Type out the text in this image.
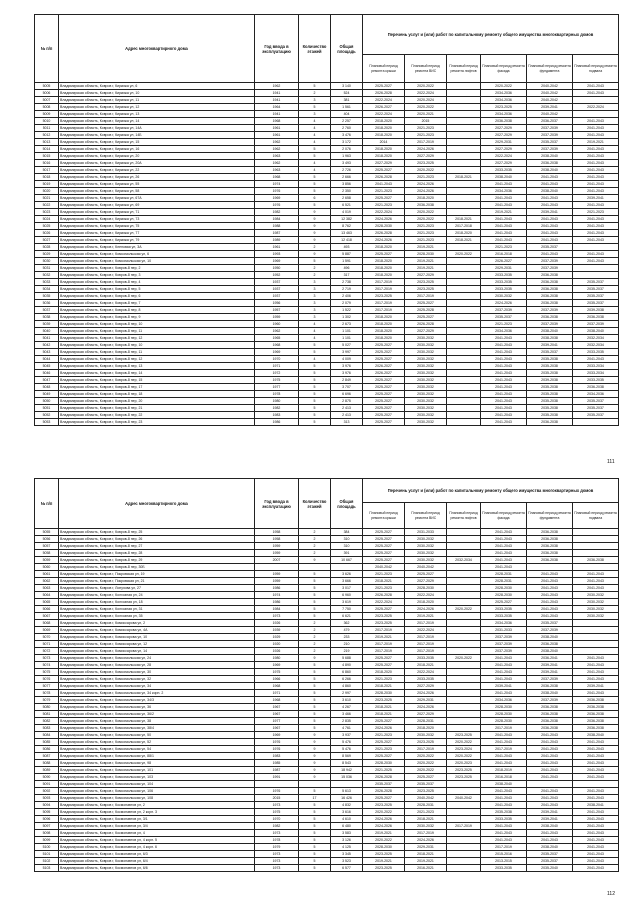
№ п/п	Адрес многоквартирного дома	Год ввода в эксплуатацию	Количество этажей	Общая площадь	Перечень услуг и (или) работ по капитальному ремонту общего имущества многоквартирных домов					
					Плановый период ремонта крыши	Плановый период ремонта ВИС	Плановый период ремонта лифтов	Плановый период ремонта фасада	Плановый период ремонта фундамента	Плановый период ремонта подвала
5005	Владимирская область, Ковров г, Киркижа ул, 6	1962	5	3 140	2025-2027	2020-2022		2020-2022	2040-2042	2041-2043
5006	Владимирская область, Ковров г, Киркижа ул, 10	1941	2	524	2026-2028	2022-2024		2034-2036	2040-2042	2041-2043
5007	Владимирская область, Ковров г, Киркижа ул, 11	1941	3	381	2022-2024	2020-2024		2034-2036	2040-2042	
5008	Владимирская область, Ковров г, Киркижа ул, 12	1964	5	1 561	2026-2027	2020-2022		2023-2025	2039-2041	2022-2024
5009	Владимирская область, Ковров г, Киркижа ул, 13	1941	3	404	2022-2024	2020-2021		2034-2036	2040-2042	
5010	Владимирская область, Ковров г, Киркижа ул, 14	1968	4	2 257	2018-2020	2015		2036-2038	2036-2037	2041-2043
5011	Владимирская область, Ковров г, Киркижа ул, 14А	1961	4	2 760	2018-2020	2021-2023		2027-2029	2037-2039	2041-2043
5012	Владимирская область, Ковров г, Киркижа ул, 14Б	1961	4	3 476	2018-2020	2021-2023		2027-2029	2037-2039	2041-2043
5013	Владимирская область, Ковров г, Киркижа ул, 15	1962	4	3 172	2014	2017-2019		2029-2031	2035-2037	2019-2021
5014	Владимирская область, Ковров г, Киркижа ул, 16	1962	5	2 076	2018-2020	2024-2026		2027-2029	2037-2039	2041-2043
5015	Владимирская область, Ковров г, Киркижа ул, 20	1963	5	1 963	2018-2020	2027-2029		2022-2024	2038-2040	2041-2043
5016	Владимирская область, Ковров г, Киркижа ул, 20А	1962	4	3 493	2027-2029	2023-2025		2027-2029	2036-2038	2041-2043
5017	Владимирская область, Ковров г, Киркижа ул, 22	1963	4	2 726	2025-2027	2020-2022		2033-2035	2038-2040	2041-2043
5018	Владимирская область, Ковров г, Киркижа ул, 26	1968	5	2 666	2026-2028	2021-2023	2018-2021	2038-2040	2041-2043	2041-2043
5019	Владимирская область, Ковров г, Киркижа ул, 55	1974	5	3 856	2041-2043	2024-2026		2041-2043	2041-2043	2041-2043
5020	Владимирская область, Ковров г, Киркижа ул, 58	1976	5	2 350	2021-2023	2024-2026		2034-2036	2038-2040	2041-2043
5021	Владимирская область, Ковров г, Киркижа ул, 67А	1969	6	2 658	2025-2027	2018-2020		2041-2043	2041-2043	2039-2041
5022	Владимирская область, Ковров г, Киркижа ул, 69	1976	5	6 521	2021-2023	2036-2038		2041-2043	2041-2043	2041-2043
5023	Владимирская область, Ковров г, Киркижа ул, 71	1982	9	4 019	2022-2024	2020-2022		2019-2021	2039-2041	2021-2023
5024	Владимирская область, Ковров г, Киркижа ул, 73	1984	9	12 382	2024-2026	2020-2022	2018-2021	2041-2043	2041-2043	2041-2043
5025	Владимирская область, Ковров г, Киркижа ул, 75	1988	9	8 762	2028-2030	2021-2023	2017-2018	2041-2043	2041-2043	2041-2043
5026	Владимирская область, Ковров г, Киркижа ул, 77	1987	9	13 463	2026-2028	2021-2023	2018-2020	2041-2043	2041-2043	2041-2043
5027	Владимирская область, Ковров г, Киркижа ул, 79	1989	9	12 418	2024-2026	2021-2023	2018-2021	2041-2043	2041-2043	2041-2043
5028	Владимирская область, Ковров г, Кленовая ул, 3А	1961	2	493	2018-2020	2019-2021		2021-2023	2035-2037	
5029	Владимирская область, Ковров г, Комсомольская ул, 6	1993	9	5 887	2025-2027	2028-2030	2020-2022	2016-2018	2041-2043	2041-2043
5030	Владимирская область, Ковров г, Комсомольская ул, 10	1969	5	1 591	2018-2020	2019-2021		2026-2027	2037-2039	2041-2043
5031	Владимирская область, Ковров г, Ковров-8 пер, 2	1950	2	496	2018-2020	2019-2021		2029-2031	2037-2039	
5032	Владимирская область, Ковров г, Ковров-8 пер, 3	1952	2	317	2018-2020	2027-2029		2033-2035	2036-2038	
5033	Владимирская область, Ковров г, Ковров-8 пер, 4	1937	3	2 738	2017-2019	2023-2025		2033-2035	2036-2038	2035-2037
5034	Владимирская область, Ковров г, Ковров-8 пер, 5	1937	3	2 719	2017-2019	2023-2025		2033-2035	2036-2038	2035-2037
5035	Владимирская область, Ковров г, Ковров-8 пер, 6	1937	3	2 406	2023-2025	2017-2019		2030-2032	2036-2038	2035-2037
5036	Владимирская область, Ковров г, Ковров-8 пер, 7	1956	3	2 079	2017-2019	2025-2027		2024-2026	2036-2038	2035-2037
5037	Владимирская область, Ковров г, Ковров-8 пер, 8	1957	3	1 522	2017-2019	2025-2028		2037-2039	2037-2039	2039-2038
5038	Владимирская область, Ковров г, Ковров-8 пер, 9	1959	3	1 302	2018-2020	2025-2027		2035-2037	2036-2038	2036-2038
5039	Владимирская область, Ковров г, Ковров-8 пер, 10	1960	4	2 673	2018-2020	2026-2028		2021-2023	2037-2039	2037-2039
5040	Владимирская область, Ковров г, Ковров-8 пер, 11	1962	4	1 101	2018-2020	2027-2029		2034-2036	2038-2040	2038-2040
5041	Владимирская область, Ковров г, Ковров-8 пер, 12	1965	4	1 101	2018-2020	2030-2032		2041-2043	2038-2038	2032-2034
5042	Владимирская область, Ковров г, Ковров-8 пер, 10	1968	5	5 027	2025-2027	2030-2032		2041-2043	2039-2041	2032-2034
5043	Владимирская область, Ковров г, Ковров-8 пер, 11	1969	5	3 997	2025-2027	2030-2032		2041-2043	2035-2037	2033-2035
5044	Владимирская область, Ковров г, Ковров-8 пер, 12	1970	4	4 009	2025-2027	2030-2032		2041-2043	2035-2038	2041-2043
5045	Владимирская область, Ковров г, Ковров-8 пер, 13	1971	5	3 976	2026-2027	2030-2032		2041-2043	2035-2038	2033-2034
5046	Владимирская область, Ковров г, Ковров-8 пер, 14	1972	5	3 976	2026-2027	2030-2032		2041-2043	2035-2038	2033-2034
5047	Владимирская область, Ковров г, Ковров-8 пер, 15	1975	5	2 849	2025-2027	2030-2032		2041-2043	2039-2038	2033-2035
5048	Владимирская область, Ковров г, Ковров-8 пер, 17	1977	5	3 707	2025-2027	2030-2032		2041-2043	2035-2038	2036-2038
5049	Владимирская область, Ковров г, Ковров-8 пер, 18	1978	5	6 696	2025-2027	2030-2032		2041-2043	2035-2038	2034-2036
5050	Владимирская область, Ковров г, Ковров-8 пер, 20	1980	5	2 875	2025-2027	2030-2032		2041-2043	2035-2038	2035-2037
5051	Владимирская область, Ковров г, Ковров-8 пер, 21	1982	5	2 413	2025-2027	2030-2032		2041-2043	2035-2038	2035-2037
5052	Владимирская область, Ковров г, Ковров-8 пер, 22	1983	5	2 413	2025-2027	2030-2032		2041-2043	2035-2038	2035-2037
5053	Владимирская область, Ковров г, Ковров-8 пер, 23	1986	5	313	2025-2027	2030-2032		2041-2043	2036-2038	
111
№ п/п	Адрес многоквартирного дома	Год ввода в эксплуатацию	Количество этажей	Общая площадь	Перечень услуг и (или) работ по капитальному ремонту общего имущества многоквартирных домов					
					Плановый период ремонта крыши	Плановый период ремонта ВИС	Плановый период ремонта лифтов	Плановый период ремонта фасада	Плановый период ремонта фундамента	Плановый период ремонта подвала
5055	Владимирская область, Ковров г, Ковров-8 пер, 25	1958	2	384	2025-2027	2031-2033		2041-2043	2036-2038	
5056	Владимирская область, Ковров г, Ковров-8 пер, 26	1958	2	310	2025-2027	2030-2032		2041-2043	2036-2038	
5057	Владимирская область, Ковров г, Ковров-8 пер, 27	1959	2	310	2025-2027	2030-2032		2041-2043	2036-2038	
5058	Владимирская область, Ковров г, Ковров-8 пер, 28	1959	2	391	2025-2027	2030-2032		2041-2043	2036-2038	
5059	Владимирская область, Ковров г, Ковров-8 пер, 29	2007	9	10 667	2025-2027	2030-2032	2032-2034	2041-2043	2036-2038	2036-2038
5060	Владимирская область, Ковров г, Ковров-8 пер, 30Б				2040-2042	2040-2042		2041-2043		
5061	Владимирская область, Ковров г, Покровская ул, 19	1959	5	3 626	2021-2023	2025-2027		2028-2031	2041-2043	2041-2043
5062	Владимирская область, Ковров г, Покровская ул, 21	1959	5	3 666	2018-2021	2027-2029		2028-2031	2041-2043	2041-2043
5063	Владимирская область, Ковров г, Лопухова ул, 27	1986	5	3 017	2021-2023	2028-2030		2028-2030	2041-2043	2041-2043
5064	Владимирская область, Ковров г, Колхозная ул, 24	1974	5	6 960	2026-2028	2022-2024		2028-2030	2041-2043	2030-2032
5065	Владимирская область, Ковров г, Колхозная ул, 18	1986	5	3 619	2022-2024	2018-2020		2025-2027	2041-2043	2030-2032
5066	Владимирская область, Ковров г, Колхозная ул, 31	1984	5	7 750	2025-2027	2024-2026	2020-2022	2033-2035	2041-2043	2030-2032
5067	Владимирская область, Ковров г, Колхозная ул, 35	1973	5	6 621	2023-2025	2019-2021		2033-2035	2041-2043	2030-2032
5068	Владимирская область, Ковров г, Комиссарова ул, 2	1926	2	362	2023-2025	2017-2019		2034-2036	2035-2037	
5069	Владимирская область, Ковров г, Комиссарова ул, 4А	1939	2	479	2017-2019	2022-2024		2031-2033	2037-2039	
5070	Владимирская область, Ковров г, Комиссарова ул, 10	1929	2	233	2019-2021	2017-2019		2037-2039	2038-2040	
5071	Владимирская область, Ковров г, Комиссарова ул, 12	1920	2	210	2017-2019	2017-2019		2037-2039	2036-2038	
5072	Владимирская область, Ковров г, Комиссарова ул, 14	1926	2	219	2017-2019	2017-2019		2037-2039	2038-2040	
5073	Владимирская область, Ковров г, Комсомольская ул, 24	1980	9	5 688	2025-2027	2033-2035	2020-2022	2041-2043	2036-2041	2041-2043
5074	Владимирская область, Ковров г, Комсомольская ул, 28	1969	5	4 890	2025-2027	2018-2021		2041-2043	2039-2041	2041-2043
5075	Владимирская область, Ковров г, Комсомольская ул, 30	1975	5	6 860	2018-2020	2022-2024		2041-2043	2039-2041	2041-2043
5076	Владимирская область, Ковров г, Комсомольская ул, 32	1966	5	6 266	2021-2023	2033-2035		2041-2043	2037-2039	2041-2043
5077	Владимирская область, Ковров г, Комсомольская ул, 34	1968	5	4 860	2018-2021	2027-2029		2039-2041	2036-2038	2039-2041
5078	Владимирская область, Ковров г, Комсомольская ул, 34 корп. 2	1971	5	2 997	2028-2030	2024-2026		2041-2043	2038-2040	2041-2043
5079	Владимирская область, Ковров г, Комсомольская ул, 34/3	1968	5	3 610	2023-2025	2029-2031		2034-2036	2037-2039	2036-2038
5080	Владимирская область, Ковров г, Комсомольская ул, 36	1967	5	4 267	2018-2021	2024-2026		2028-2030	2036-2038	2036-2038
5081	Владимирская область, Ковров г, Комсомольская ул, 36/2	1967	5	3 466	2018-2021	2027-2029		2028-2030	2036-2038	2036-2038
5082	Владимирская область, Ковров г, Комсомольская ул, 38	1977	5	2 835	2025-2027	2028-2031		2028-2030	2036-2038	2036-2038
5083	Владимирская область, Ковров г, Комсомольская ул, 38/4	1967	5	4 761	2024-2026	2018-2020		2017-2019	2036-2038	2036-2038
5084	Владимирская область, Ковров г, Комсомольская ул, 50	1969	9	3 937	2021-2023	2030-2032	2023-2025	2041-2043	2041-2043	2038-2040
5085	Владимирская область, Ковров г, Комсомольская ул, 52	1976	9	5 476	2025-2027	2023-2025	2020-2022	2041-2043	2041-2043	2041-2043
5086	Владимирская область, Ковров г, Комсомольская ул, 54	1976	9	5 476	2021-2023	2017-2019	2023-2024	2017-2019	2041-2043	2041-2043
5087	Владимирская область, Ковров г, Комсомольская ул, 88/1	1983	9	8 569	2025-2027	2020-2022	2020-2022	2041-2043	2041-2043	2041-2043
5088	Владимирская область, Ковров г, Комсомольская ул, 98	1985	9	8 543	2028-2030	2020-2022	2020-2023	2041-2043	2041-2043	2041-2043
5089	Владимирская область, Ковров г, Комсомольская ул, 101	1987	9	18 942	2021-2025	2020-2022	2023-2025	2018-2019	2041-2043	2041-2043
5090	Владимирская область, Ковров г, Комсомольская ул, 103	1991	9	15 036	2026-2028	2025-2027	2023-2025	2016-2018	2041-2043	2041-2043
5091	Владимирская область, Ковров г, Комсомольская ул, 104				2035-2037	2035-2037		2038-2040		
5092	Владимирская область, Ковров г, Комсомольская ул, 106	1976	5	5 613	2026-2028	2023-2025		2041-2043	2041-2043	2041-2043
5093	Владимирская область, Ковров г, Комсомольская ул, 108	2015	17	16 426	2025-2027	2040-2042	2040-2042	2041-2043	2041-2043	2041-2043
5094	Владимирская область, Ковров г, Космонавтов ул, 2	1973	5	4 832	2023-2025	2028-2031		2041-2043	2041-2043	2038-2041
5095	Владимирская область, Ковров г, Космонавтов ул, 2 корп. 3	1975	5	3 616	2020-2022	2021-2023		2035-2038	2039-2041	2041-2043
5096	Владимирская область, Ковров г, Космонавтов ул, 3/1	1970	5	4 610	2024-2026	2018-2021		2033-2035	2039-2041	2041-2043
5097	Владимирская область, Ковров г, Космонавтов ул, 3/4	1982	5	6 480	2024-2026	2030-2032	2017-2019	2041-2043	2038-2040	2041-2043
5098	Владимирская область, Ковров г, Космонавтов ул, 4	1973	5	3 583	2019-2021	2017-2019		2041-2043	2041-2043	2041-2043
5099	Владимирская область, Ковров г, Космонавтов ул, 4 корп. 5	1978	5	3 126	2020-2022	2024-2026		2041-2043	2041-2043	2041-2043
5100	Владимирская область, Ковров г, Космонавтов ул, 4 корп. 6	1979	5	4 125	2028-2030	2029-2031		2017-2019	2038-2040	2041-2043
5101	Владимирская область, Ковров г, Космонавтов ул, 6/3	1973	5	3 345	2023-2025	2018-2021		2015-2016	2035-2037	2041-2043
5102	Владимирская область, Ковров г, Космонавтов ул, 6/4	1973	5	3 523	2019-2021	2019-2021		2013-2015	2035-2037	2041-2043
5103	Владимирская область, Ковров г, Космонавтов ул, 6/6	1973	5	6 577	2023-2025	2016-2021		2033-2035	2035-2040	2041-2043
112
